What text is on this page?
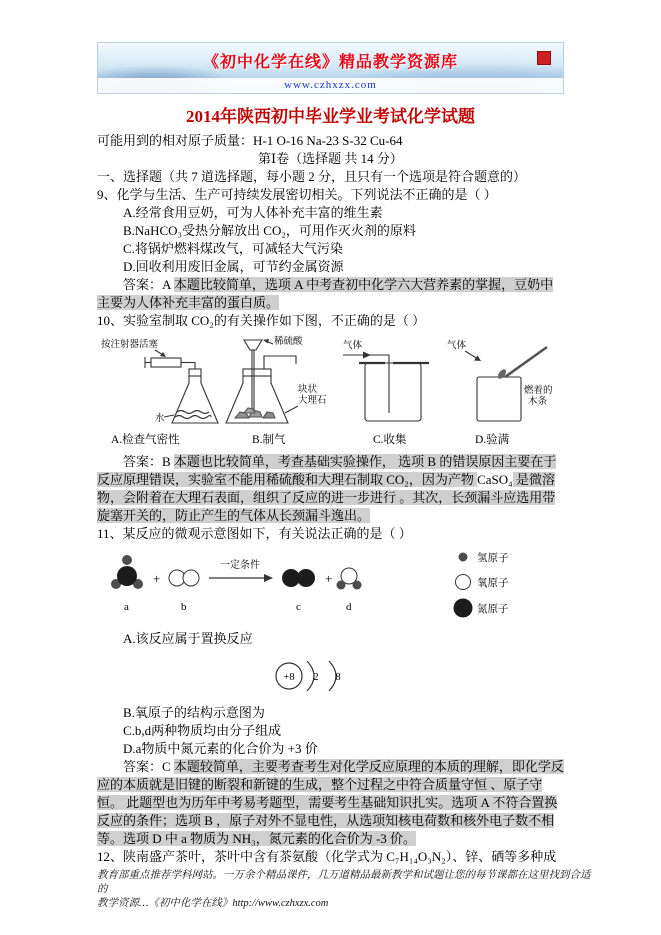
《初中化学在线》精品教学资源库
www.czhxzx.com
2014年陕西初中毕业学业考试化学试题

可能用到的相对原子质量：H-1 O-16 Na-23 S-32 Cu-64

第Ⅰ卷（选择题 共 14 分）

一、选择题（共 7 道选择题，每小题 2 分，且只有一个选项是符合题意的）

9、化学与生活、生产可持续发展密切相关。下列说法不正确的是（ ）

A.经常食用豆奶，可为人体补充丰富的维生素
B.NaHCO₃受热分解放出 CO₂，可用作灭火剂的原料
C.将锅炉燃料煤改气，可减轻大气污染
D.回收利用废旧金属，可节约金属资源

答案：A 本题比较简单，选项 A 中考查初中化学六大营养素的掌握，豆奶中主要为人体补充丰富的蛋白质。

10、实验室制取 CO₂的有关操作如下图，不正确的是（ ）

按注射器活塞
水
稀硫酸
块状
大理石
气体	气体
燃着的
木条
A.检查气密性	B.制气	C.收集	D.验满

答案：B 本题也比较简单，考查基础实验操作， 选项 B 的错误原因主要在于反应原理错误，实验室不能用稀硫酸和大理石制取 CO₂，因为产物 CaSO₄ 是微溶物，会附着在大理石表面，组织了反应的进一步进行 。其次，长颈漏斗应选用带旋塞开关的，防止产生的气体从长颈漏斗逸出。

11、某反应的微观示意图如下，有关说法正确的是（ ）

a
+
b
一定条件
c
+
d
氢原子
氧原子
氮原子
A.该反应属于置换反应
+8 2 8
B.氧原子的结构示意图为
C.b,d两种物质均由分子组成
D.a物质中氮元素的化合价为 +3 价

答案：C 本题较简单，主要考查考生对化学反应原理的本质的理解，即化学反应的本质就是旧键的断裂和新键的生成，整个过程之中符合质量守恒 、原子守恒。 此题型也为历年中考易考题型，需要考生基础知识扎实。选项 A 不符合置换反应的条件；选项 B ，原子对外不显电性，从选项知核电荷数和核外电子数不相等。选项 D 中 a 物质为 NH₃，氮元素的化合价为 -3 价。

12、陕南盛产茶叶，茶叶中含有茶氨酸（化学式为 C₇H₁₄O₃N₂）、锌、硒等多种成

教育部重点推荐学科网站。一万余个精品课件，几万道精品最新教学和试题让您的每节课都在这里找到合适的
教学资源…《初中化学在线》http://www.czhxzx.com
